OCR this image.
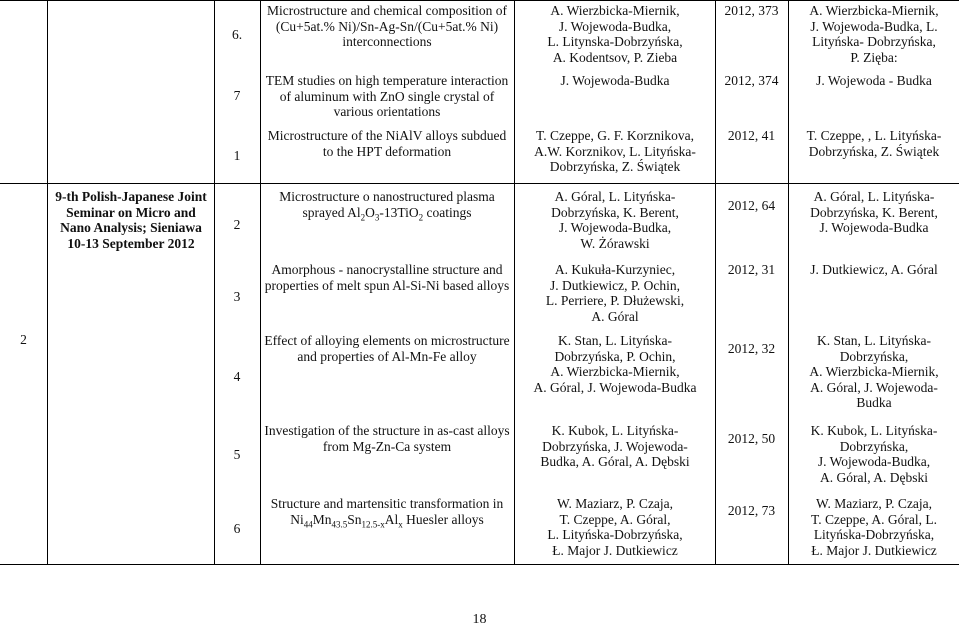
1
6.
7
Microstructure and chemical composition of (Cu+5at.% Ni)/Sn-Ag-Sn/(Cu+5at.% Ni) interconnections
TEM studies on high temperature interaction of aluminum with ZnO single crystal of various orientations
Microstructure of the NiAlV alloys subdued to the HPT deformation
A. Wierzbicka-Miernik,
J. Wojewoda-Budka,
L. Litynska-Dobrzyńska,
A. Kodentsov, P. Zieba
J. Wojewoda-Budka
T. Czeppe, G. F. Korznikova,
A.W. Korznikov, L. Lityńska-
Dobrzyńska, Z. Świątek
2012, 373
2012, 374
2012, 41
A. Wierzbicka-Miernik,
J. Wojewoda-Budka, L.
Lityńska- Dobrzyńska,
P. Zięba:
J. Wojewoda - Budka
T. Czeppe, , L. Lityńska-
Dobrzyńska, Z. Świątek
2
9-th Polish-Japanese Joint Seminar on Micro and Nano Analysis; Sieniawa 10-13 September 2012
2
3
4
5
6
Microstructure o nanostructured plasma sprayed $Al_2O_3-13TiO_2$ coatings
Amorphous - nanocrystalline structure and properties of melt spun Al-Si-Ni based alloys
Effect of alloying elements on microstructure and properties of Al-Mn-Fe alloy
Investigation of the structure in as-cast alloys from Mg-Zn-Ca system
Structure and martensitic transformation in $Ni_{44}Mn_{43.5}Sn_{12.5-x}Al_x$ Huesler alloys
A. Góral, L. Lityńska-
Dobrzyńska, K. Berent,
J. Wojewoda-Budka,
W. Żórawski
A. Kukuła-Kurzyniec,
J. Dutkiewicz, P. Ochin,
L. Perriere, P. Dłużewski,
A. Góral
K. Stan, L. Lityńska-
Dobrzyńska, P. Ochin,
A. Wierzbicka-Miernik,
A. Góral, J. Wojewoda-Budka
K. Kubok, L. Lityńska-
Dobrzyńska, J. Wojewoda-
Budka, A. Góral, A. Dębski
W. Maziarz, P. Czaja,
T. Czeppe, A. Góral,
L. Lityńska-Dobrzyńska,
Ł. Major J. Dutkiewicz
2012, 64
2012, 31
2012, 32
2012, 50
2012, 73
A. Góral, L. Lityńska-
Dobrzyńska, K. Berent,
J. Wojewoda-Budka
J. Dutkiewicz, A. Góral
K. Stan, L. Lityńska-
Dobrzyńska,
A. Wierzbicka-Miernik,
A. Góral, J. Wojewoda-
Budka
K. Kubok, L. Lityńska-
Dobrzyńska,
J. Wojewoda-Budka,
A. Góral, A. Dębski
W. Maziarz, P. Czaja,
T. Czeppe, A. Góral, L.
Lityńska-Dobrzyńska,
Ł. Major J. Dutkiewicz
18
